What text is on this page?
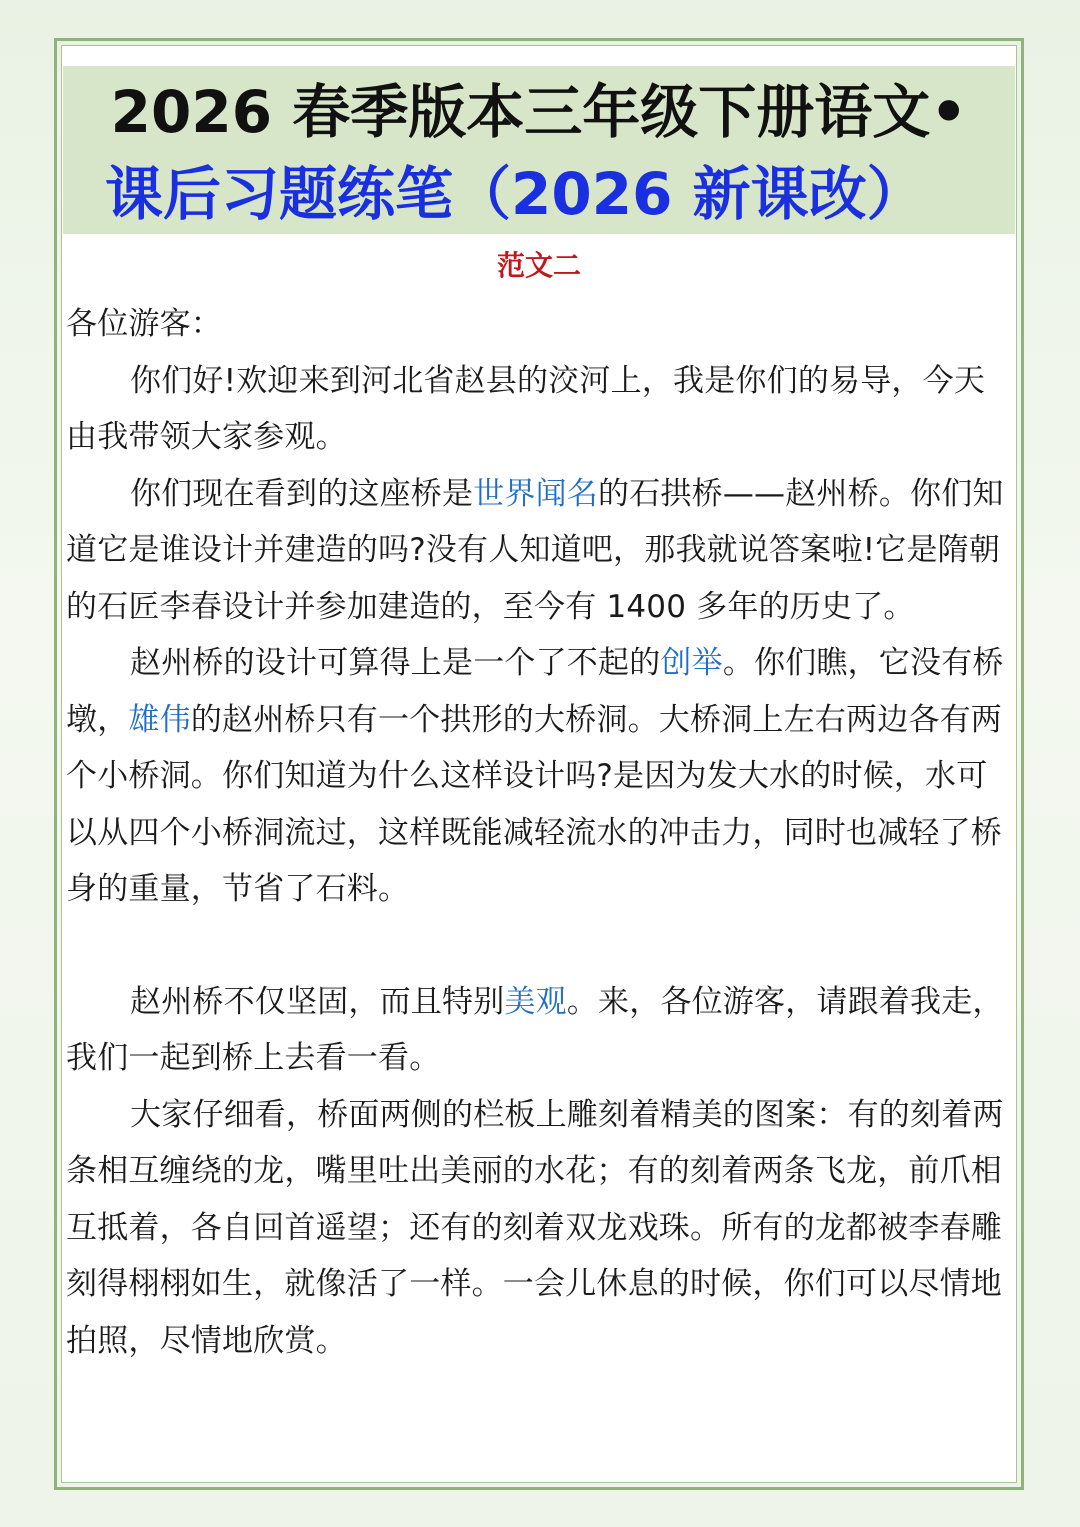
2026 春季版本三年级下册语文•
课后习题练笔（2026 新课改）
范文二

各位游客：

你们好!欢迎来到河北省赵县的洨河上，我是你们的易导，今天由我带领大家参观。

你们现在看到的这座桥是世界闻名的石拱桥——赵州桥。你们知道它是谁设计并建造的吗?没有人知道吧，那我就说答案啦!它是隋朝的石匠李春设计并参加建造的，至今有 1400 多年的历史了。

赵州桥的设计可算得上是一个了不起的创举。你们瞧，它没有桥墩，雄伟的赵州桥只有一个拱形的大桥洞。大桥洞上左右两边各有两个小桥洞。你们知道为什么这样设计吗?是因为发大水的时候，水可以从四个小桥洞流过，这样既能减轻流水的冲击力，同时也减轻了桥身的重量，节省了石料。

赵州桥不仅坚固，而且特别美观。来，各位游客，请跟着我走，我们一起到桥上去看一看。

大家仔细看，桥面两侧的栏板上雕刻着精美的图案：有的刻着两条相互缠绕的龙，嘴里吐出美丽的水花；有的刻着两条飞龙，前爪相互抵着，各自回首遥望；还有的刻着双龙戏珠。所有的龙都被李春雕刻得栩栩如生，就像活了一样。一会儿休息的时候，你们可以尽情地拍照，尽情地欣赏。
